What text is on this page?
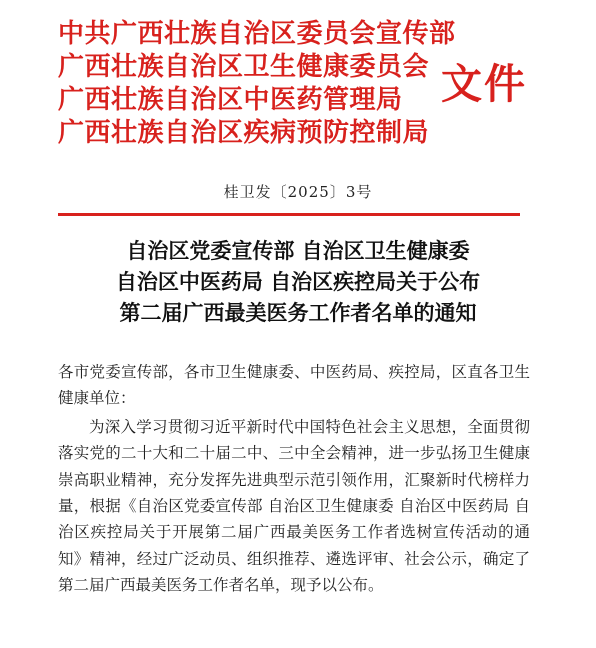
中共广西壮族自治区委员会宣传部
广西壮族自治区卫生健康委员会
广西壮族自治区中医药管理局
广西壮族自治区疾病预防控制局
文件
桂卫发〔2025〕3号
自治区党委宣传部 自治区卫生健康委
自治区中医药局 自治区疾控局关于公布
第二届广西最美医务工作者名单的通知

各市党委宣传部，各市卫生健康委、中医药局、疾控局，区直各卫生健康单位：

为深入学习贯彻习近平新时代中国特色社会主义思想，全面贯彻落实党的二十大和二十届二中、三中全会精神，进一步弘扬卫生健康崇高职业精神，充分发挥先进典型示范引领作用，汇聚新时代榜样力量，根据《自治区党委宣传部 自治区卫生健康委 自治区中医药局 自治区疾控局关于开展第二届广西最美医务工作者选树宣传活动的通知》精神，经过广泛动员、组织推荐、遴选评审、社会公示，确定了第二届广西最美医务工作者名单，现予以公布。
